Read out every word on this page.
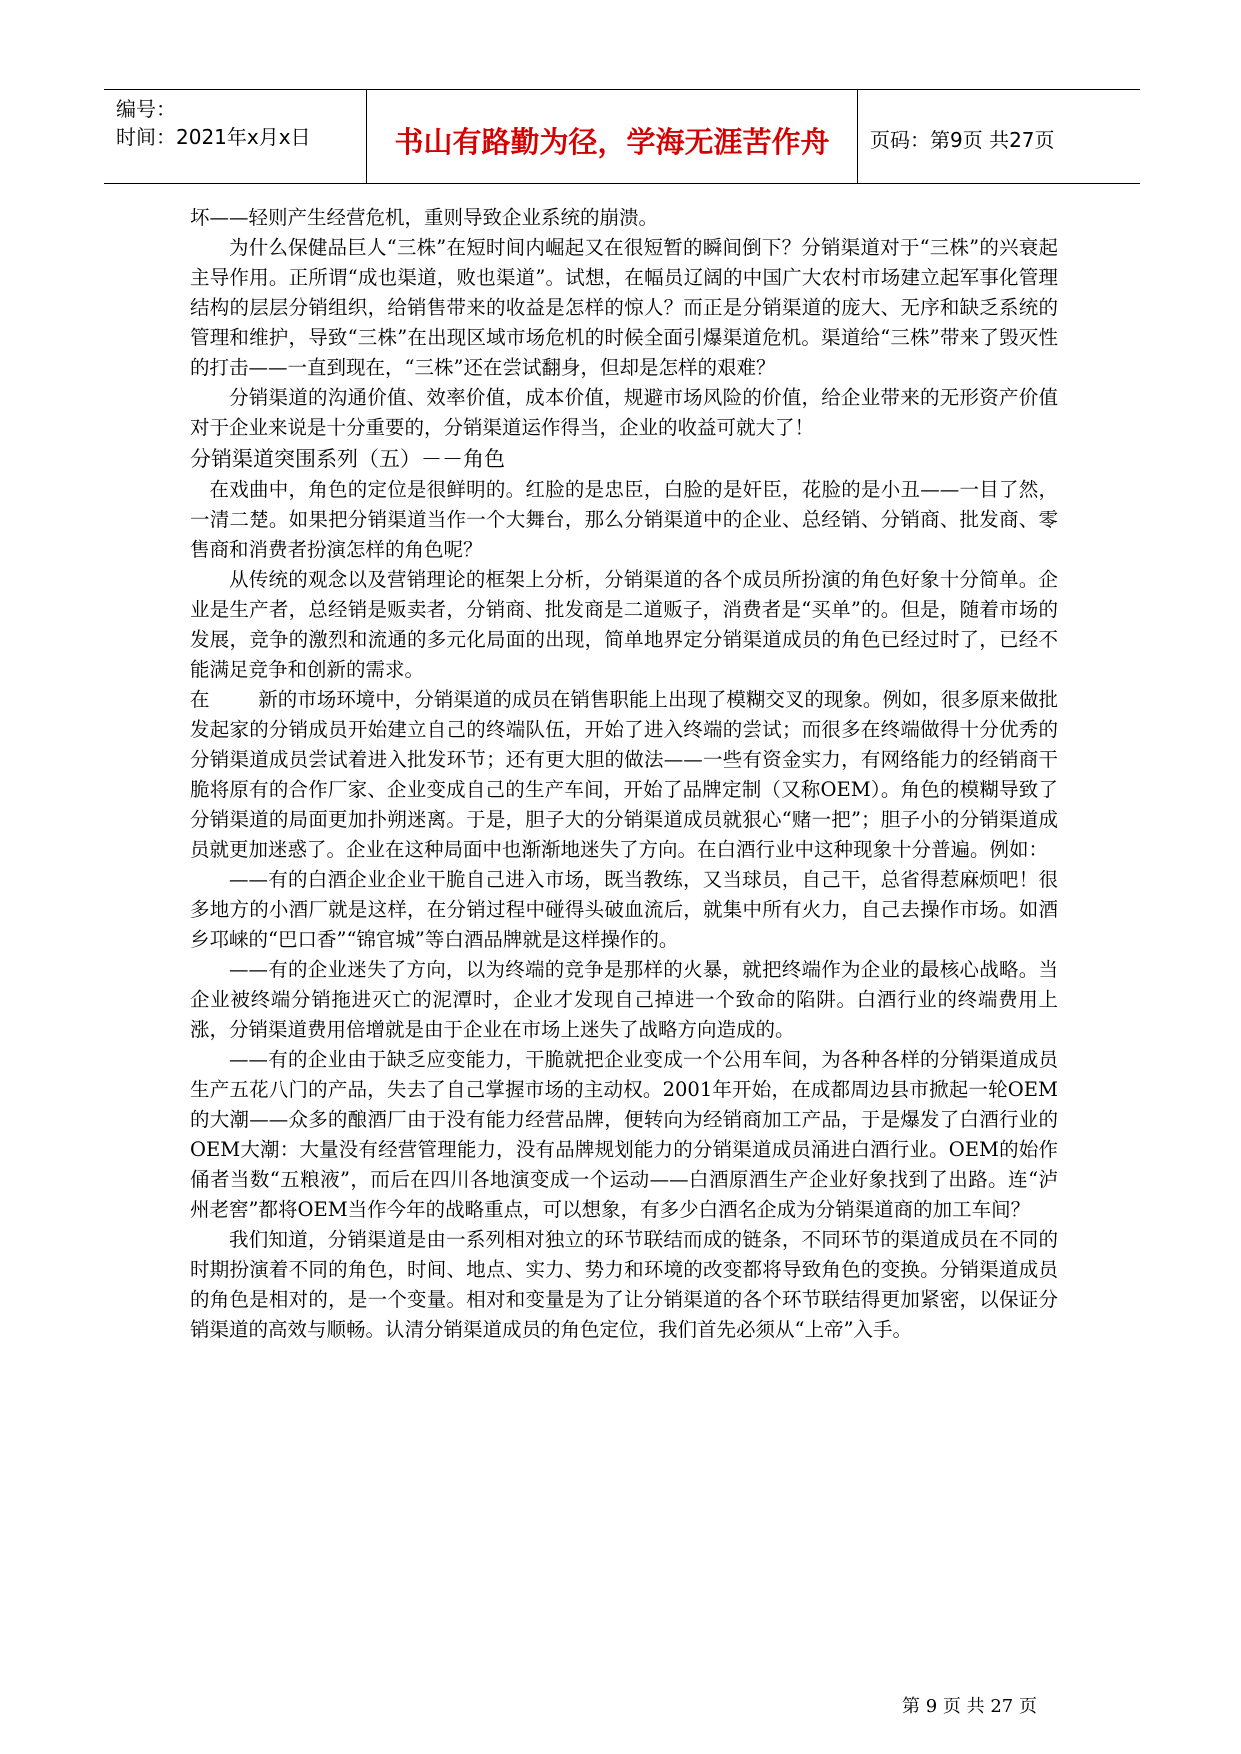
编号：
时间：2021年x月x日	书山有路勤为径，学海无涯苦作舟	页码：第9页 共27页

坏——轻则产生经营危机，重则导致企业系统的崩溃。

为什么保健品巨人“三株”在短时间内崛起又在很短暂的瞬间倒下？分销渠道对于“三株”的兴衰起主导作用。正所谓“成也渠道，败也渠道”。试想，在幅员辽阔的中国广大农村市场建立起军事化管理结构的层层分销组织，给销售带来的收益是怎样的惊人？而正是分销渠道的庞大、无序和缺乏系统的管理和维护，导致“三株”在出现区域市场危机的时候全面引爆渠道危机。渠道给“三株”带来了毁灭性的打击——一直到现在，“三株”还在尝试翻身，但却是怎样的艰难？

分销渠道的沟通价值、效率价值，成本价值，规避市场风险的价值，给企业带来的无形资产价值对于企业来说是十分重要的，分销渠道运作得当，企业的收益可就大了！

分销渠道突围系列（五）－－角色

在戏曲中，角色的定位是很鲜明的。红脸的是忠臣，白脸的是奸臣，花脸的是小丑——一目了然，一清二楚。如果把分销渠道当作一个大舞台，那么分销渠道中的企业、总经销、分销商、批发商、零售商和消费者扮演怎样的角色呢？

从传统的观念以及营销理论的框架上分析，分销渠道的各个成员所扮演的角色好象十分简单。企业是生产者，总经销是贩卖者，分销商、批发商是二道贩子，消费者是“买单”的。但是，随着市场的发展，竞争的激烈和流通的多元化局面的出现，简单地界定分销渠道成员的角色已经过时了，已经不能满足竞争和创新的需求。

在	新的市场环境中，分销渠道的成员在销售职能上出现了模糊交叉的现象。例如，很多原来做批发起家的分销成员开始建立自己的终端队伍，开始了进入终端的尝试；而很多在终端做得十分优秀的分销渠道成员尝试着进入批发环节；还有更大胆的做法——一些有资金实力，有网络能力的经销商干脆将原有的合作厂家、企业变成自己的生产车间，开始了品牌定制（又称OEM）。角色的模糊导致了分销渠道的局面更加扑朔迷离。于是，胆子大的分销渠道成员就狠心“赌一把”；胆子小的分销渠道成员就更加迷惑了。企业在这种局面中也渐渐地迷失了方向。在白酒行业中这种现象十分普遍。例如：

——有的白酒企业企业干脆自己进入市场，既当教练，又当球员，自己干，总省得惹麻烦吧！很多地方的小酒厂就是这样，在分销过程中碰得头破血流后，就集中所有火力，自己去操作市场。如酒乡邛崃的“巴口香”“锦官城”等白酒品牌就是这样操作的。

——有的企业迷失了方向，以为终端的竞争是那样的火暴，就把终端作为企业的最核心战略。当企业被终端分销拖进灭亡的泥潭时，企业才发现自己掉进一个致命的陷阱。白酒行业的终端费用上涨，分销渠道费用倍增就是由于企业在市场上迷失了战略方向造成的。

——有的企业由于缺乏应变能力，干脆就把企业变成一个公用车间，为各种各样的分销渠道成员生产五花八门的产品，失去了自己掌握市场的主动权。2001年开始，在成都周边县市掀起一轮OEM的大潮——众多的酿酒厂由于没有能力经营品牌，便转向为经销商加工产品，于是爆发了白酒行业的OEM大潮：大量没有经营管理能力，没有品牌规划能力的分销渠道成员涌进白酒行业。OEM的始作俑者当数“五粮液”，而后在四川各地演变成一个运动——白酒原酒生产企业好象找到了出路。连“泸州老窖”都将OEM当作今年的战略重点，可以想象，有多少白酒名企成为分销渠道商的加工车间？

我们知道，分销渠道是由一系列相对独立的环节联结而成的链条，不同环节的渠道成员在不同的时期扮演着不同的角色，时间、地点、实力、势力和环境的改变都将导致角色的变换。分销渠道成员的角色是相对的，是一个变量。相对和变量是为了让分销渠道的各个环节联结得更加紧密，以保证分销渠道的高效与顺畅。认清分销渠道成员的角色定位，我们首先必须从“上帝”入手。

第 9 页 共 27 页
